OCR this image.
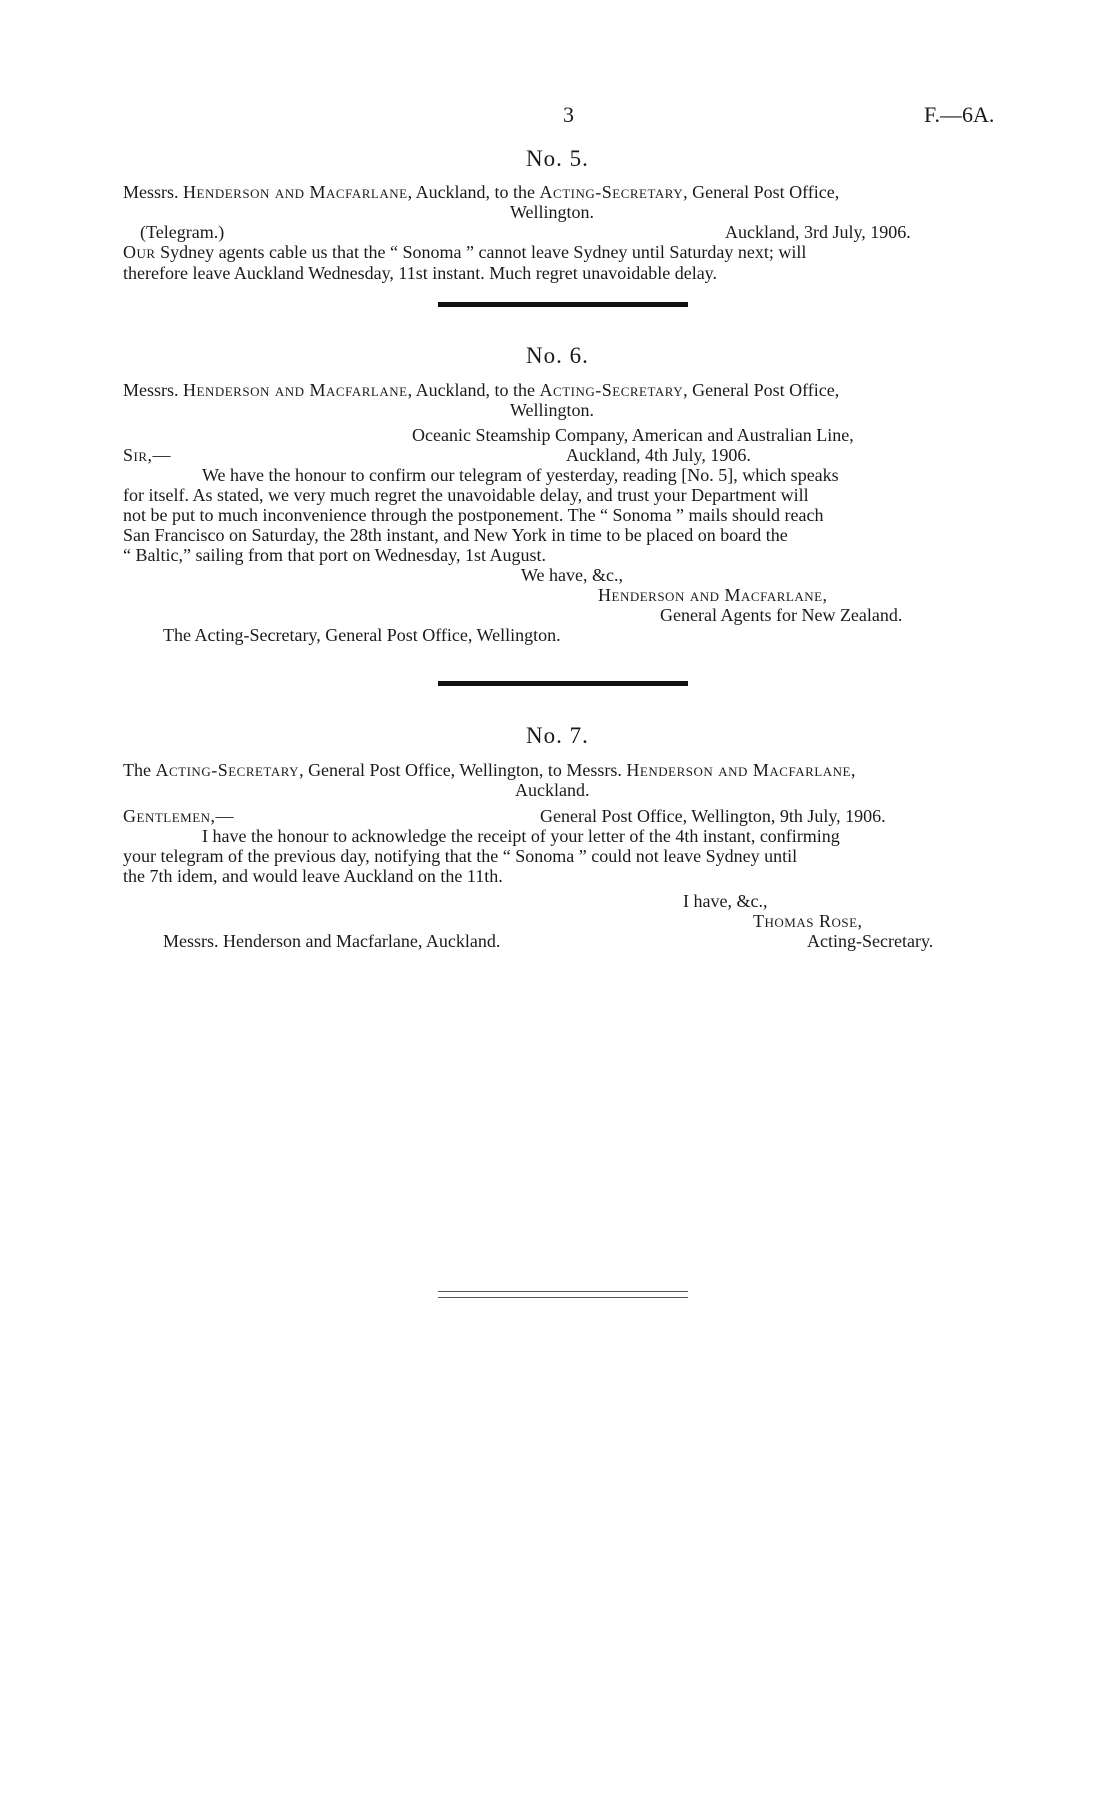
3	F.—6A.
No. 5.
Messrs. Henderson and Macfarlane, Auckland, to the Acting-Secretary, General Post Office,
Wellington.
(Telegram.)	Auckland, 3rd July, 1906.
Our Sydney agents cable us that the “ Sonoma ” cannot leave Sydney until Saturday next; will
therefore leave Auckland Wednesday, 11st instant. Much regret unavoidable delay.
No. 6.
Messrs. Henderson and Macfarlane, Auckland, to the Acting-Secretary, General Post Office,
Wellington.
Oceanic Steamship Company, American and Australian Line,
Sir,—	Auckland, 4th July, 1906.
We have the honour to confirm our telegram of yesterday, reading [No. 5], which speaks
for itself. As stated, we very much regret the unavoidable delay, and trust your Department will
not be put to much inconvenience through the postponement. The “ Sonoma ” mails should reach
San Francisco on Saturday, the 28th instant, and New York in time to be placed on board the
“ Baltic,” sailing from that port on Wednesday, 1st August.
We have, &c.,
Henderson and Macfarlane,
General Agents for New Zealand.
The Acting-Secretary, General Post Office, Wellington.
No. 7.
The Acting-Secretary, General Post Office, Wellington, to Messrs. Henderson and Macfarlane,
Auckland.
Gentlemen,—	General Post Office, Wellington, 9th July, 1906.
I have the honour to acknowledge the receipt of your letter of the 4th instant, confirming
your telegram of the previous day, notifying that the “ Sonoma ” could not leave Sydney until
the 7th idem, and would leave Auckland on the 11th.
I have, &c.,
Thomas Rose,
Messrs. Henderson and Macfarlane, Auckland.	Acting-Secretary.
